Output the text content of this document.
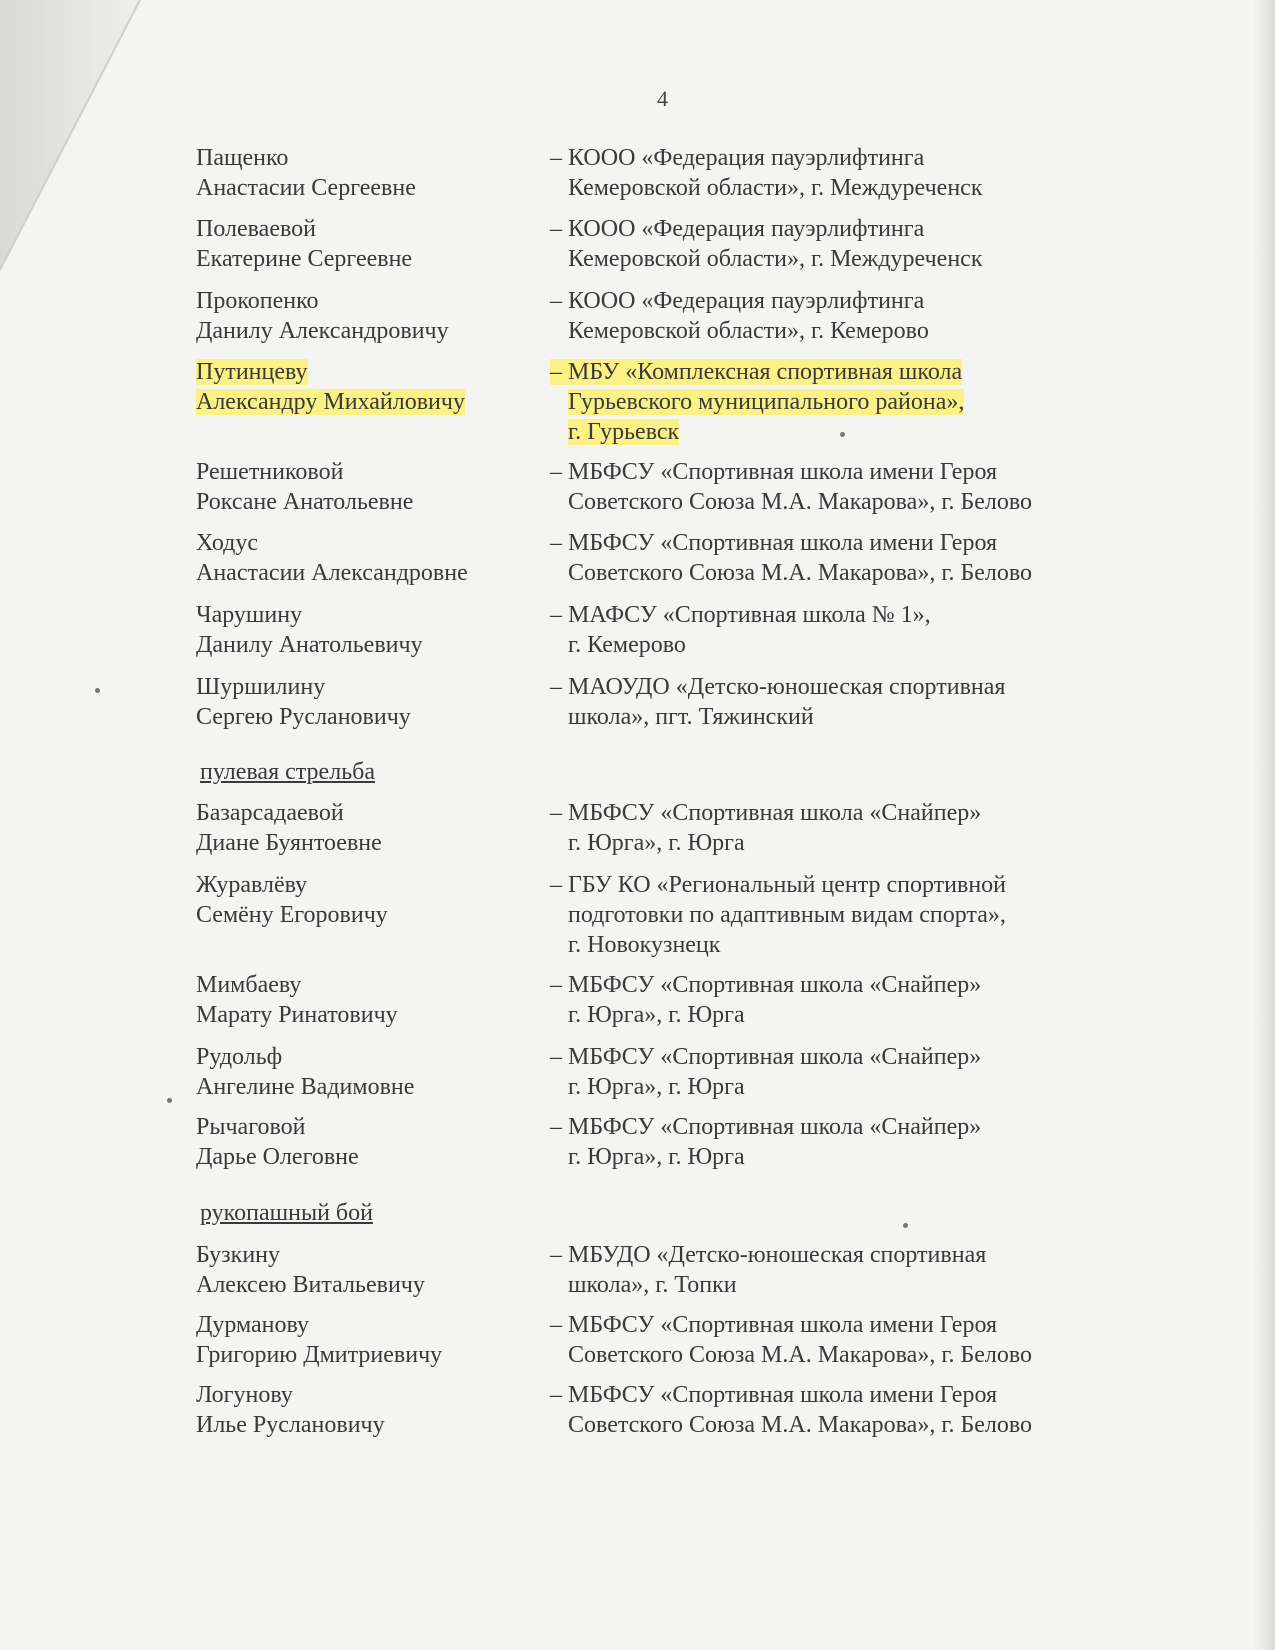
4
Пащенко
Анастасии Сергеевне
– КООО «Федерация пауэрлифтинга
Кемеровской области», г. Междуреченск
Полеваевой
Екатерине Сергеевне
– КООО «Федерация пауэрлифтинга
Кемеровской области», г. Междуреченск
Прокопенко
Данилу Александровичу
– КООО «Федерация пауэрлифтинга
Кемеровской области», г. Кемерово
Путинцеву
Александру Михайловичу
– МБУ «Комплексная спортивная школа
Гурьевского муниципального района»,
г. Гурьевск
Решетниковой
Роксане Анатольевне
– МБФСУ «Спортивная школа имени Героя
Советского Союза М.А. Макарова», г. Белово
Ходус
Анастасии Александровне
– МБФСУ «Спортивная школа имени Героя
Советского Союза М.А. Макарова», г. Белово
Чарушину
Данилу Анатольевичу
– МАФСУ «Спортивная школа № 1»,
г. Кемерово
Шуршилину
Сергею Руслановичу
– МАОУДО «Детско-юношеская спортивная
школа», пгт. Тяжинский
пулевая стрельба
Базарсадаевой
Диане Буянтоевне
– МБФСУ «Спортивная школа «Снайпер»
г. Юрга», г. Юрга
Журавлёву
Семёну Егоровичу
– ГБУ КО «Региональный центр спортивной
подготовки по адаптивным видам спорта»,
г. Новокузнецк
Мимбаеву
Марату Ринатовичу
– МБФСУ «Спортивная школа «Снайпер»
г. Юрга», г. Юрга
Рудольф
Ангелине Вадимовне
– МБФСУ «Спортивная школа «Снайпер»
г. Юрга», г. Юрга
Рычаговой
Дарье Олеговне
– МБФСУ «Спортивная школа «Снайпер»
г. Юрга», г. Юрга
рукопашный бой
Бузкину
Алексею Витальевичу
– МБУДО «Детско-юношеская спортивная
школа», г. Топки
Дурманову
Григорию Дмитриевичу
– МБФСУ «Спортивная школа имени Героя
Советского Союза М.А. Макарова», г. Белово
Логунову
Илье Руслановичу
– МБФСУ «Спортивная школа имени Героя
Советского Союза М.А. Макарова», г. Белово
